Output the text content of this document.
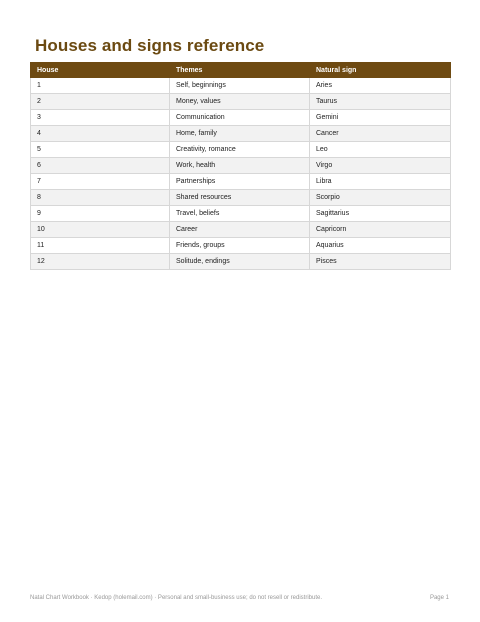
Houses and signs reference
House	Themes	Natural sign
1	Self, beginnings	Aries
2	Money, values	Taurus
3	Communication	Gemini
4	Home, family	Cancer
5	Creativity, romance	Leo
6	Work, health	Virgo
7	Partnerships	Libra
8	Shared resources	Scorpio
9	Travel, beliefs	Sagittarius
10	Career	Capricorn
11	Friends, groups	Aquarius
12	Solitude, endings	Pisces
Natal Chart Workbook · Kedop (holemail.com) · Personal and small-business use; do not resell or redistribute.	Page 1
